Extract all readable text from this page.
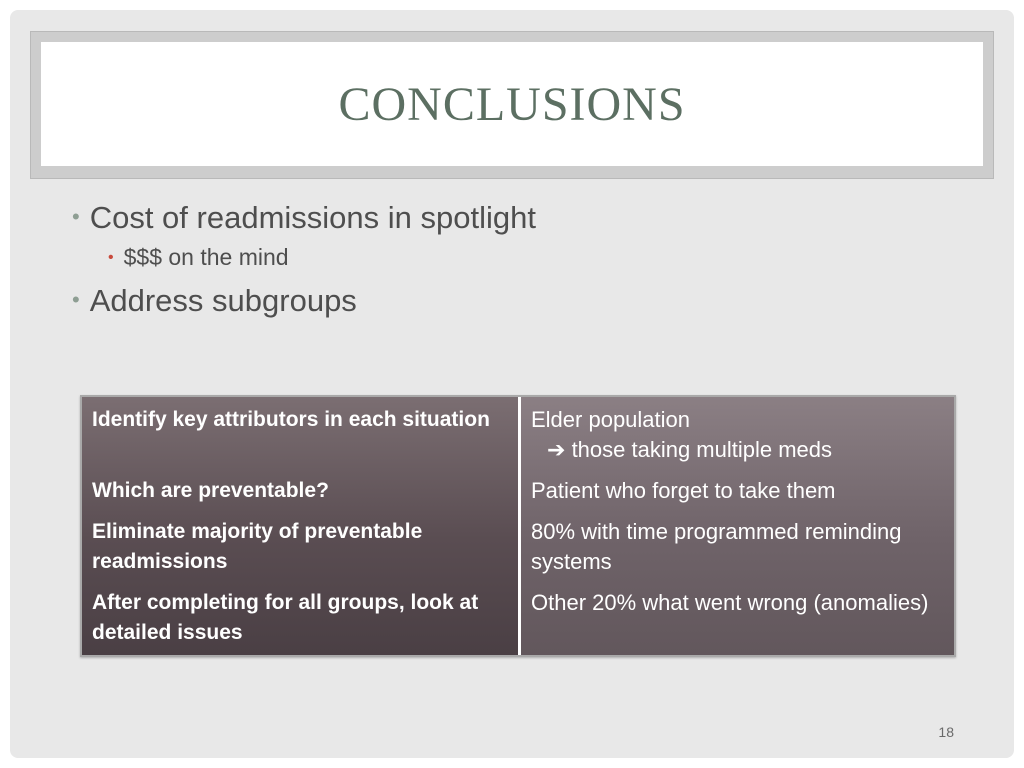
CONCLUSIONS
• Cost of readmissions in spotlight
• $$$ on the mind
• Address subgroups
Identify key attributors in each situation
Which are preventable?
Eliminate majority of preventable readmissions
After completing for all groups, look at detailed issues
Elder population
➔ those taking multiple meds
Patient who forget to take them
80% with time programmed reminding systems
Other 20% what went wrong (anomalies)
18
